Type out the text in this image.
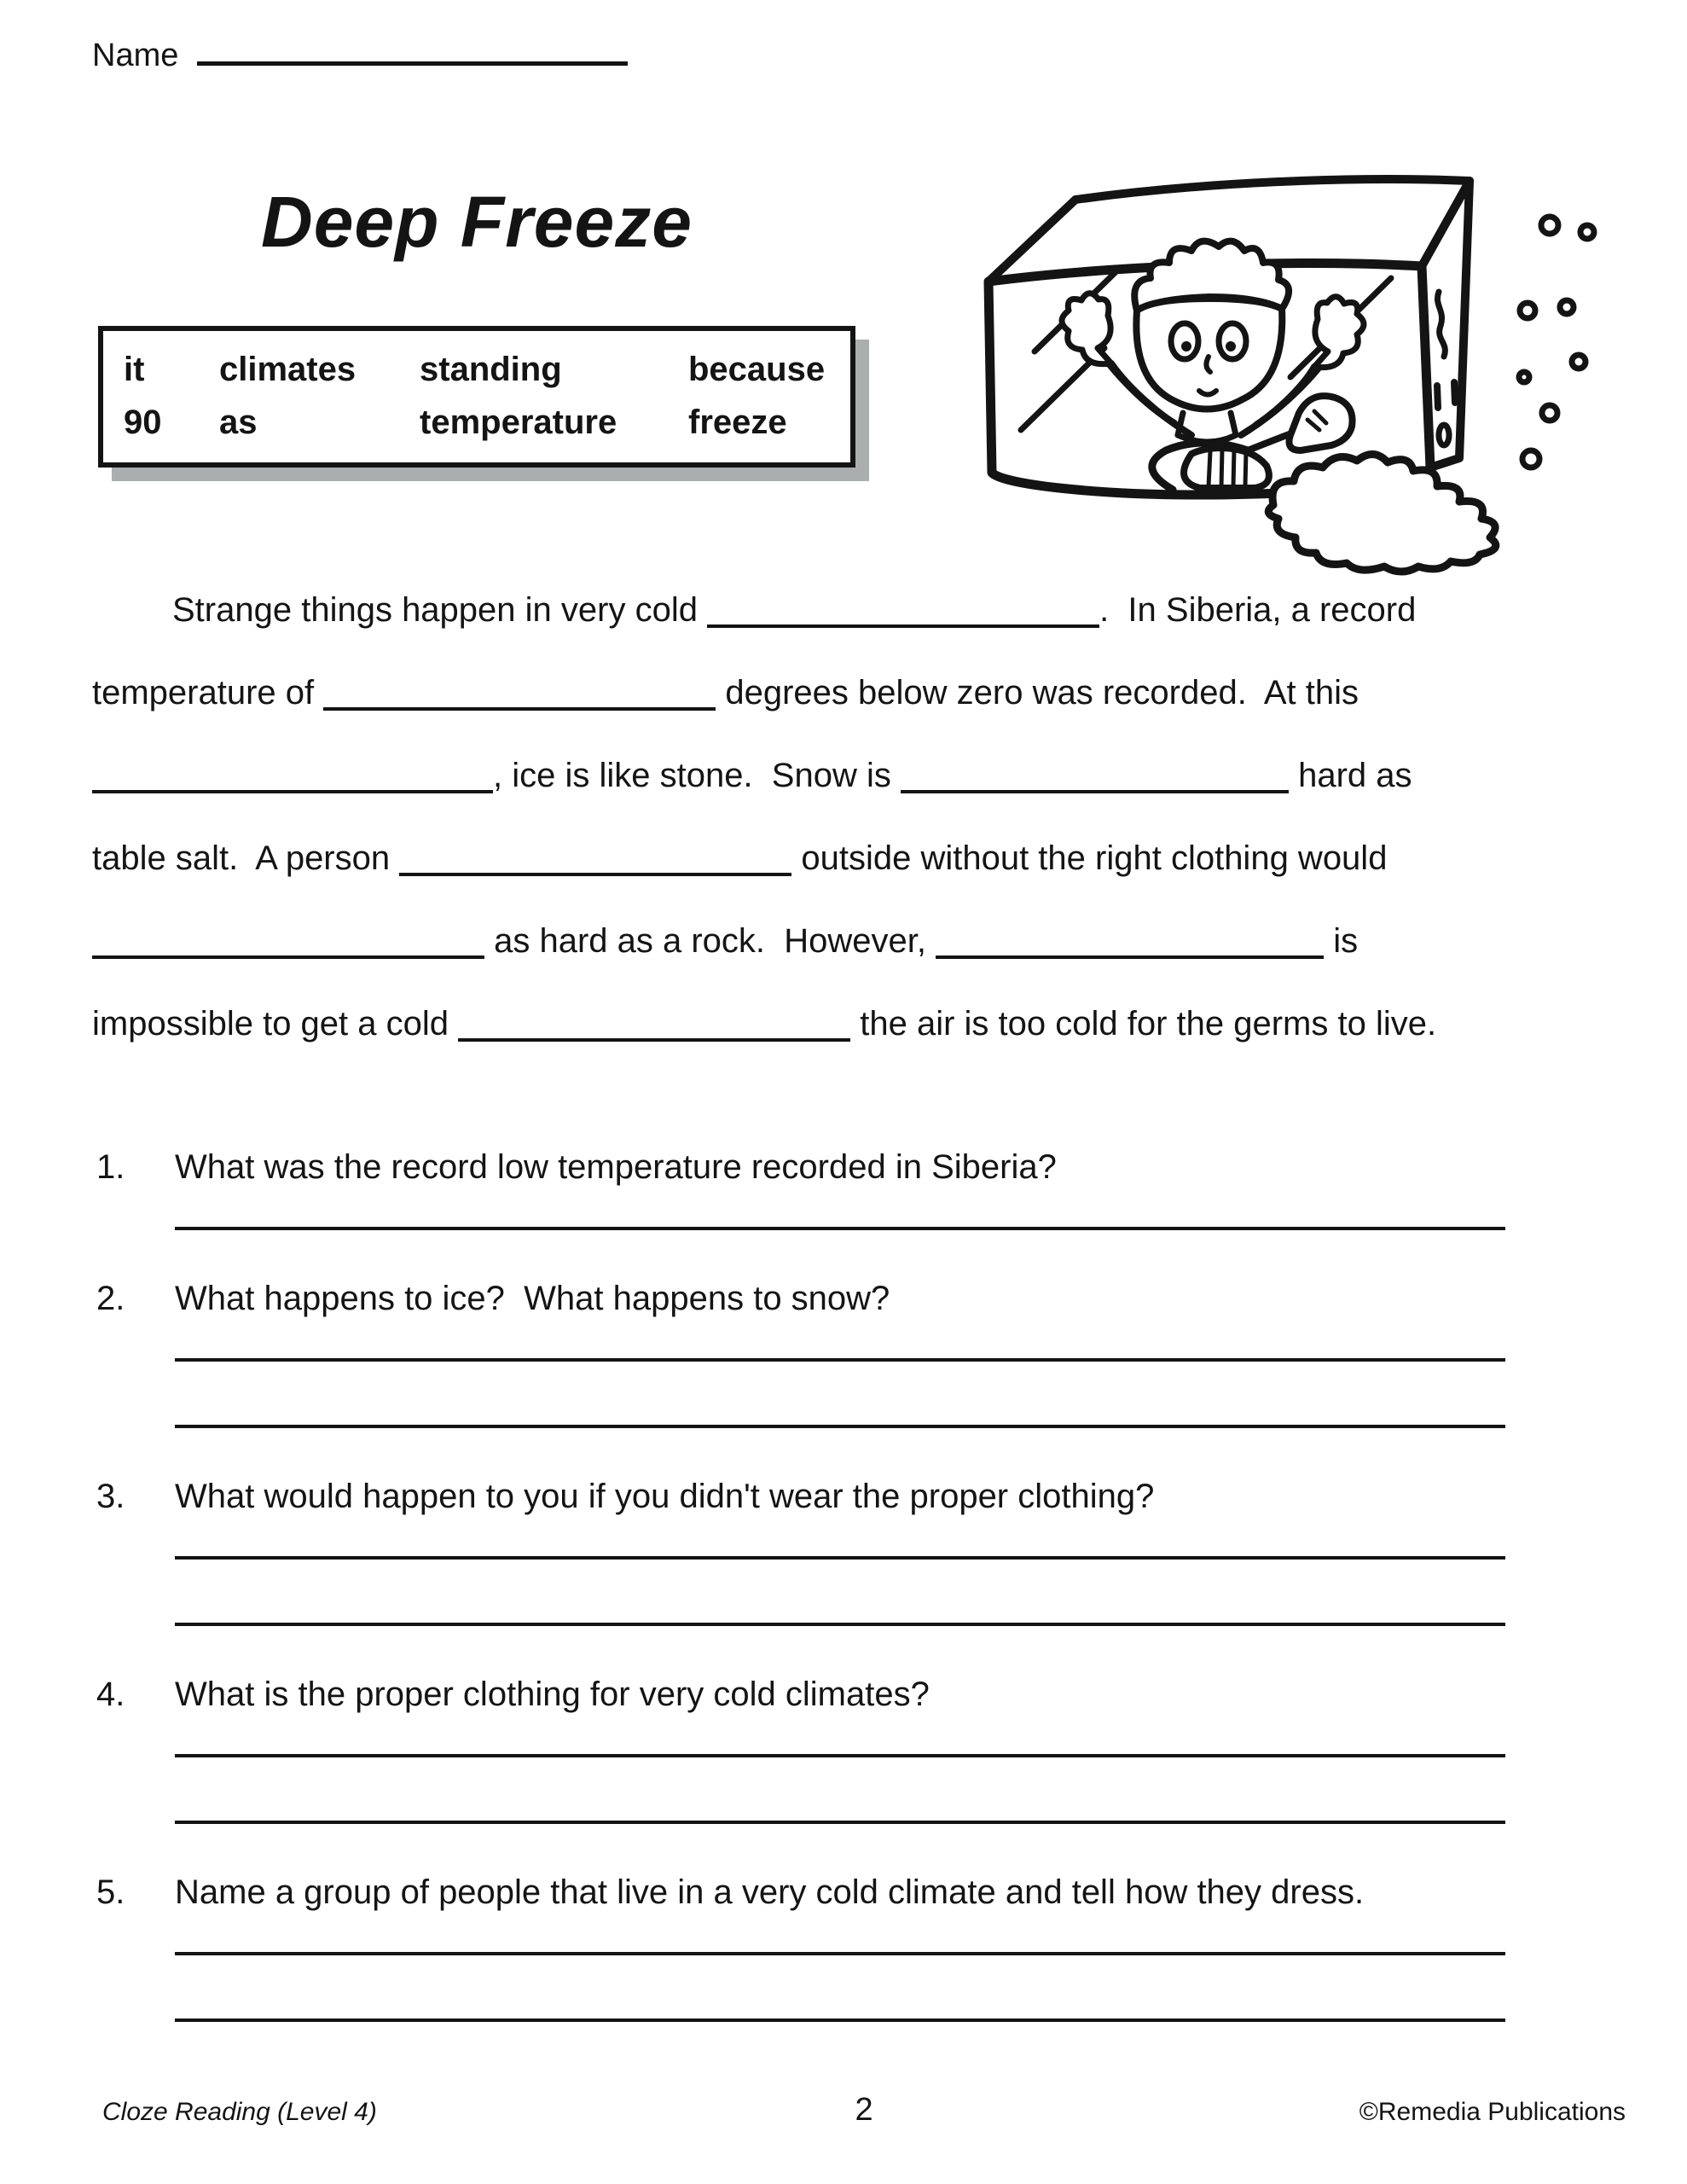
Name
Deep Freeze
it	climates	standing	because
90	as	temperature	freeze
Strange things happen in very cold	.  In Siberia, a record
temperature of	degrees below zero was recorded.  At this
, ice is like stone.  Snow is	hard as
table salt.  A person	outside without the right clothing would
as hard as a rock.  However,	is
impossible to get a cold	the air is too cold for the germs to live.
1.	What was the record low temperature recorded in Siberia?
2.	What happens to ice?  What happens to snow?
3.	What would happen to you if you didn't wear the proper clothing?
4.	What is the proper clothing for very cold climates?
5.	Name a group of people that live in a very cold climate and tell how they dress.
Cloze Reading (Level 4)	2	©Remedia Publications
